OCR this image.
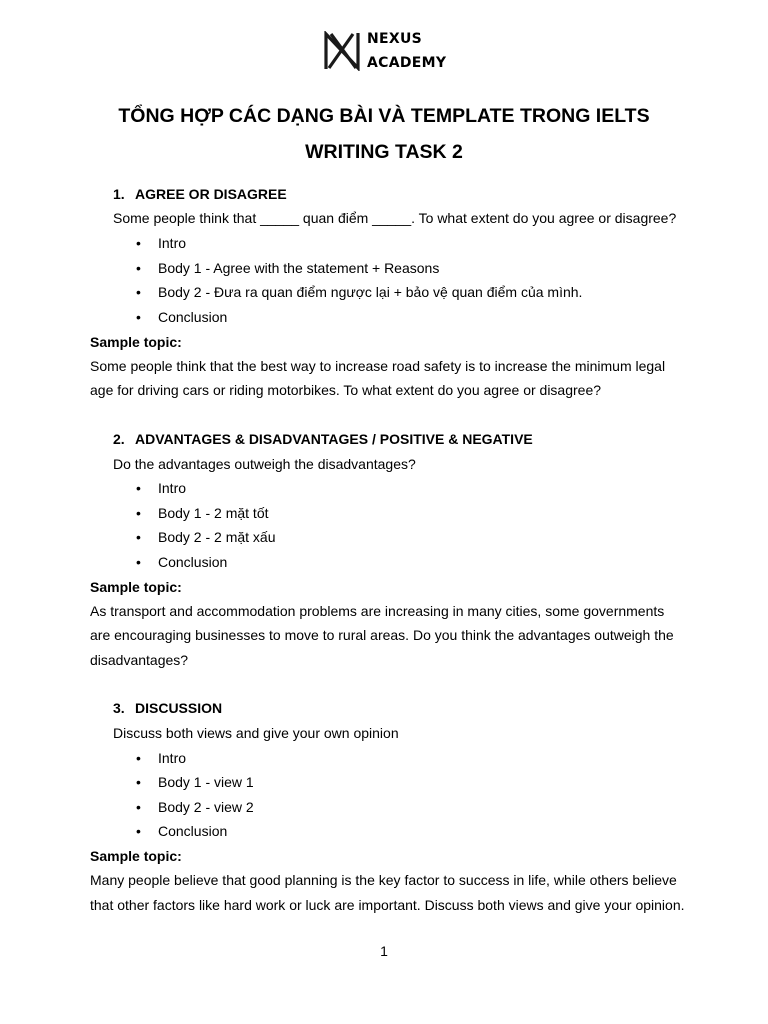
NEXUS
ACADEMY
TỔNG HỢP CÁC DẠNG BÀI VÀ TEMPLATE TRONG IELTS
WRITING TASK 2
1. AGREE OR DISAGREE
Some people think that _____ quan điểm _____. To what extent do you agree or disagree?
• Intro
• Body 1 - Agree with the statement + Reasons
• Body 2 - Đưa ra quan điểm ngược lại + bảo vệ quan điểm của mình.
• Conclusion
Sample topic:
Some people think that the best way to increase road safety is to increase the minimum legal
age for driving cars or riding motorbikes. To what extent do you agree or disagree?
2. ADVANTAGES & DISADVANTAGES / POSITIVE & NEGATIVE
Do the advantages outweigh the disadvantages?
• Intro
• Body 1 - 2 mặt tốt
• Body 2 - 2 mặt xấu
• Conclusion
Sample topic:
As transport and accommodation problems are increasing in many cities, some governments
are encouraging businesses to move to rural areas. Do you think the advantages outweigh the
disadvantages?
3. DISCUSSION
Discuss both views and give your own opinion
• Intro
• Body 1 - view 1
• Body 2 - view 2
• Conclusion
Sample topic:
Many people believe that good planning is the key factor to success in life, while others believe
that other factors like hard work or luck are important. Discuss both views and give your opinion.
1
